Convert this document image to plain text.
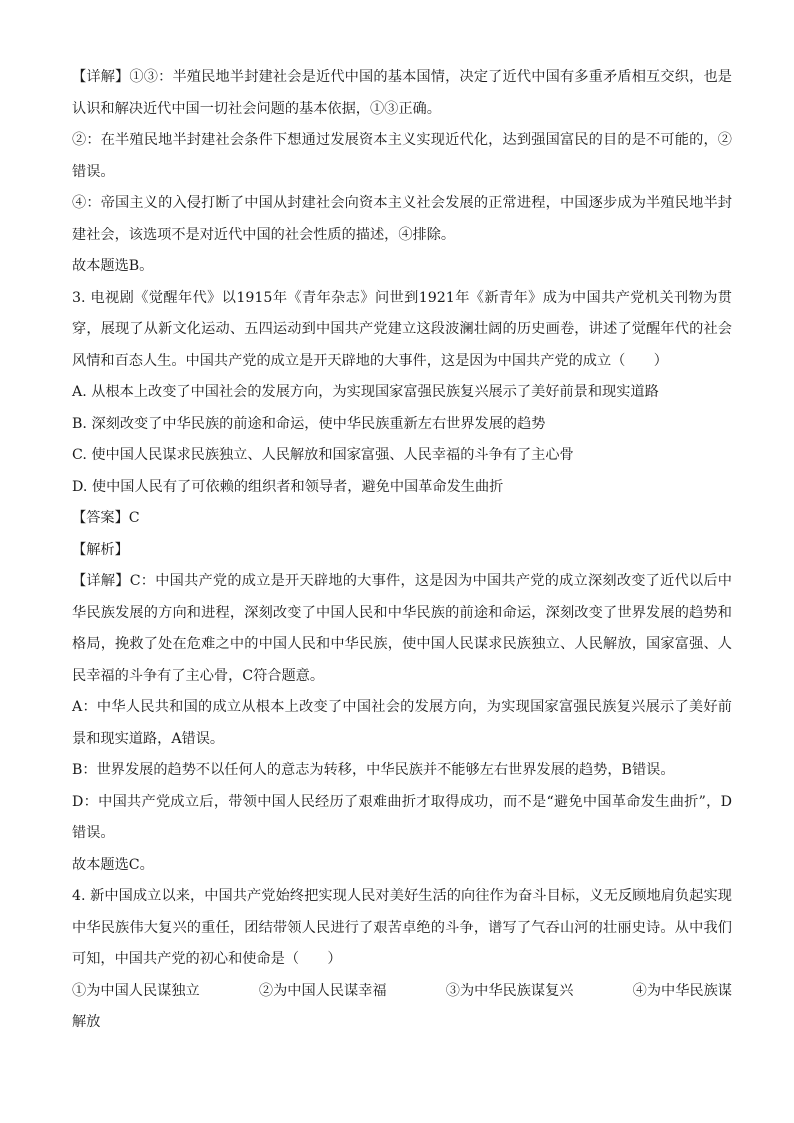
【详解】①③：半殖民地半封建社会是近代中国的基本国情，决定了近代中国有多重矛盾相互交织，也是认识和解决近代中国一切社会问题的基本依据，①③正确。

②：在半殖民地半封建社会条件下想通过发展资本主义实现近代化，达到强国富民的目的是不可能的，②错误。

④：帝国主义的入侵打断了中国从封建社会向资本主义社会发展的正常进程，中国逐步成为半殖民地半封建社会，该选项不是对近代中国的社会性质的描述，④排除。

故本题选B。

3. 电视剧《觉醒年代》以1915年《青年杂志》问世到1921年《新青年》成为中国共产党机关刊物为贯穿，展现了从新文化运动、五四运动到中国共产党建立这段波澜壮阔的历史画卷，讲述了觉醒年代的社会风情和百态人生。中国共产党的成立是开天辟地的大事件，这是因为中国共产党的成立（　　）

A. 从根本上改变了中国社会的发展方向，为实现国家富强民族复兴展示了美好前景和现实道路

B. 深刻改变了中华民族的前途和命运，使中华民族重新左右世界发展的趋势

C. 使中国人民谋求民族独立、人民解放和国家富强、人民幸福的斗争有了主心骨

D. 使中国人民有了可依赖的组织者和领导者，避免中国革命发生曲折

【答案】C

【解析】

【详解】C：中国共产党的成立是开天辟地的大事件，这是因为中国共产党的成立深刻改变了近代以后中华民族发展的方向和进程，深刻改变了中国人民和中华民族的前途和命运，深刻改变了世界发展的趋势和格局，挽救了处在危难之中的中国人民和中华民族，使中国人民谋求民族独立、人民解放，国家富强、人民幸福的斗争有了主心骨，C符合题意。

A：中华人民共和国的成立从根本上改变了中国社会的发展方向，为实现国家富强民族复兴展示了美好前景和现实道路，A错误。

B：世界发展的趋势不以任何人的意志为转移，中华民族并不能够左右世界发展的趋势，B错误。

D：中国共产党成立后，带领中国人民经历了艰难曲折才取得成功，而不是“避免中国革命发生曲折”，D错误。

故本题选C。

4. 新中国成立以来，中国共产党始终把实现人民对美好生活的向往作为奋斗目标，义无反顾地肩负起实现中华民族伟大复兴的重任，团结带领人民进行了艰苦卓绝的斗争，谱写了气吞山河的壮丽史诗。从中我们可知，中国共产党的初心和使命是（　　）

①为中国人民谋独立	②为中国人民谋幸福	③为中华民族谋复兴	④为中华民族谋

解放
